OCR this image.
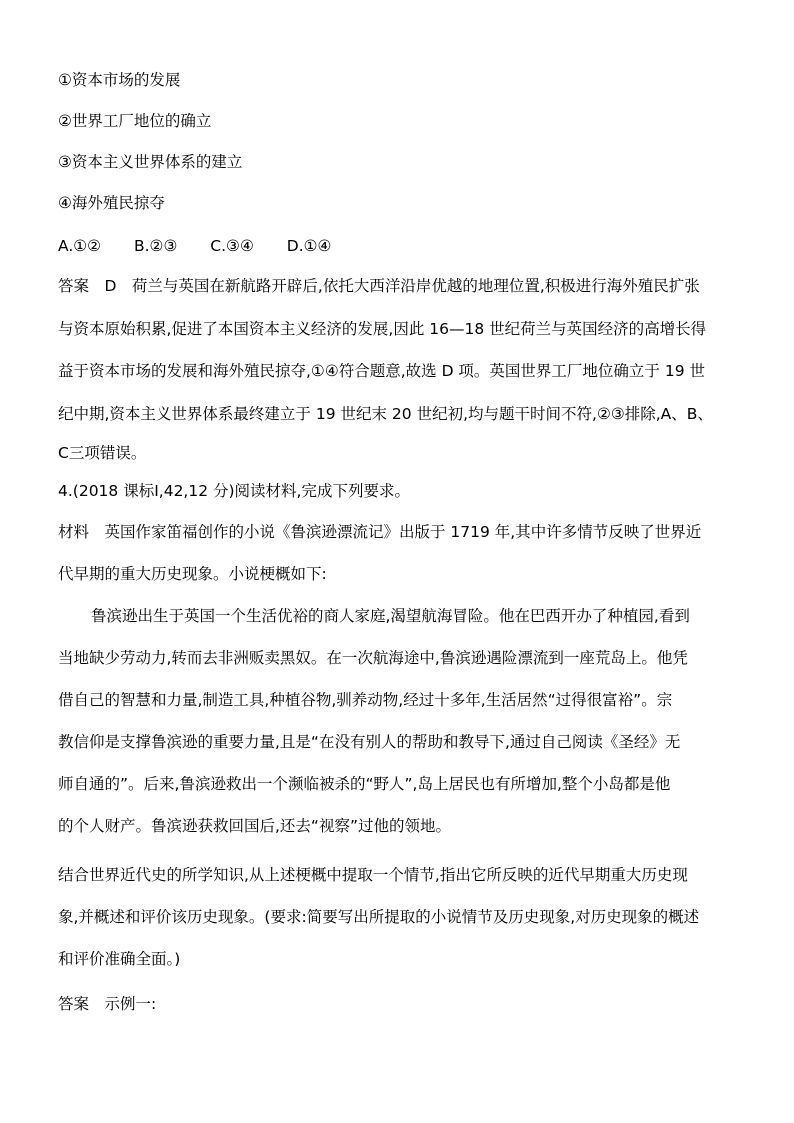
①资本市场的发展
②世界工厂地位的确立
③资本主义世界体系的建立
④海外殖民掠夺
A.①② B.②③ C.③④ D.①④
答案　D　荷兰与英国在新航路开辟后,依托大西洋沿岸优越的地理位置,积极进行海外殖民扩张
与资本原始积累,促进了本国资本主义经济的发展,因此 16—18 世纪荷兰与英国经济的高增长得
益于资本市场的发展和海外殖民掠夺,①④符合题意,故选 D 项。英国世界工厂地位确立于 19 世
纪中期,资本主义世界体系最终建立于 19 世纪末 20 世纪初,均与题干时间不符,②③排除,A、B、
C三项错误。
4.(2018 课标Ⅰ,42,12 分)阅读材料,完成下列要求。
材料　英国作家笛福创作的小说《鲁滨逊漂流记》出版于 1719 年,其中许多情节反映了世界近
代早期的重大历史现象。小说梗概如下:
鲁滨逊出生于英国一个生活优裕的商人家庭,渴望航海冒险。他在巴西开办了种植园,看到
当地缺少劳动力,转而去非洲贩卖黑奴。在一次航海途中,鲁滨逊遇险漂流到一座荒岛上。他凭
借自己的智慧和力量,制造工具,种植谷物,驯养动物,经过十多年,生活居然“过得很富裕”。宗
教信仰是支撑鲁滨逊的重要力量,且是“在没有别人的帮助和教导下,通过自己阅读《圣经》无
师自通的”。后来,鲁滨逊救出一个濒临被杀的“野人”,岛上居民也有所增加,整个小岛都是他
的个人财产。鲁滨逊获救回国后,还去“视察”过他的领地。
结合世界近代史的所学知识,从上述梗概中提取一个情节,指出它所反映的近代早期重大历史现
象,并概述和评价该历史现象。(要求:简要写出所提取的小说情节及历史现象,对历史现象的概述
和评价准确全面。)
答案　示例一:
